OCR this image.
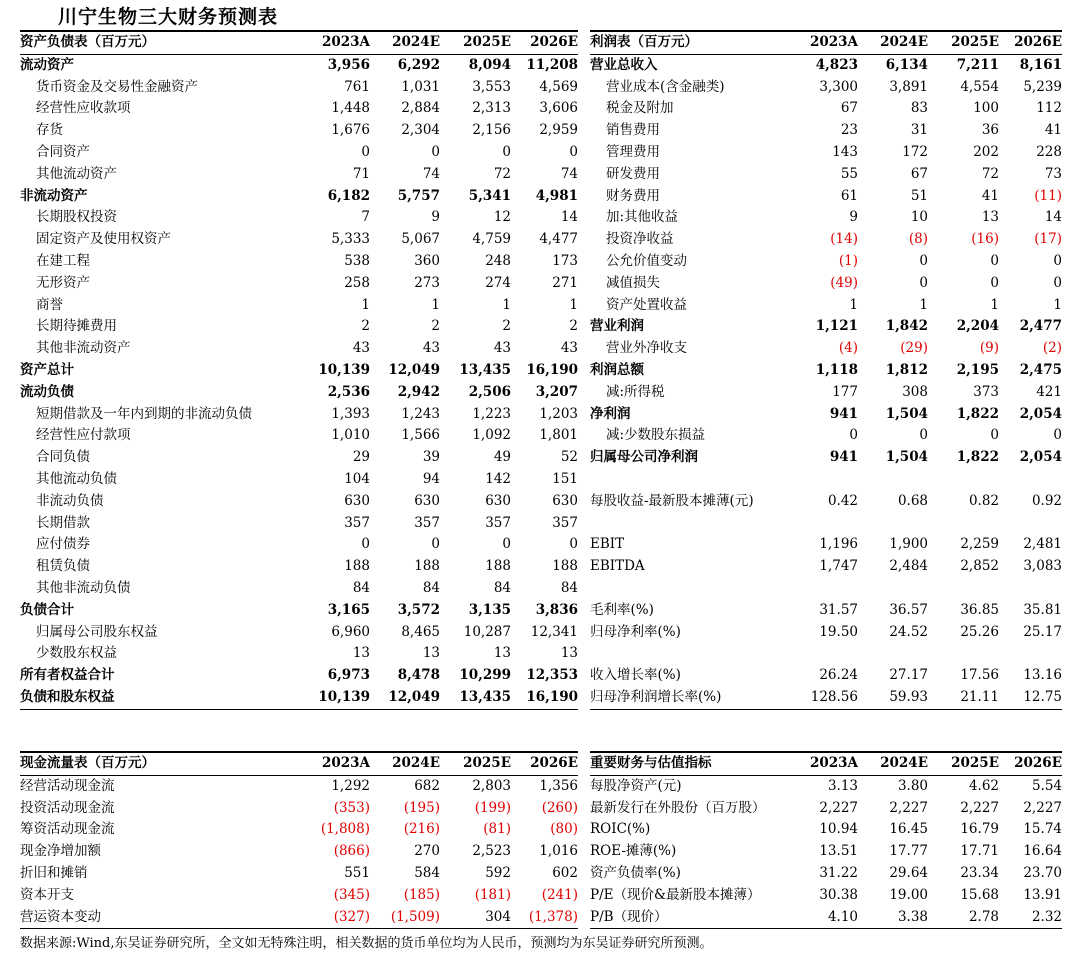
川宁生物三大财务预测表
资产负债表（百万元）	2023A	2024E	2025E	2026E
流动资产	3,956	6,292	8,094	11,208
货币资金及交易性金融资产	761	1,031	3,553	4,569
经营性应收款项	1,448	2,884	2,313	3,606
存货	1,676	2,304	2,156	2,959
合同资产	0	0	0	0
其他流动资产	71	74	72	74
非流动资产	6,182	5,757	5,341	4,981
长期股权投资	7	9	12	14
固定资产及使用权资产	5,333	5,067	4,759	4,477
在建工程	538	360	248	173
无形资产	258	273	274	271
商誉	1	1	1	1
长期待摊费用	2	2	2	2
其他非流动资产	43	43	43	43
资产总计	10,139	12,049	13,435	16,190
流动负债	2,536	2,942	2,506	3,207
短期借款及一年内到期的非流动负债	1,393	1,243	1,223	1,203
经营性应付款项	1,010	1,566	1,092	1,801
合同负债	29	39	49	52
其他流动负债	104	94	142	151
非流动负债	630	630	630	630
长期借款	357	357	357	357
应付债券	0	0	0	0
租赁负债	188	188	188	188
其他非流动负债	84	84	84	84
负债合计	3,165	3,572	3,135	3,836
归属母公司股东权益	6,960	8,465	10,287	12,341
少数股东权益	13	13	13	13
所有者权益合计	6,973	8,478	10,299	12,353
负债和股东权益	10,139	12,049	13,435	16,190
利润表（百万元）	2023A	2024E	2025E	2026E
营业总收入	4,823	6,134	7,211	8,161
营业成本(含金融类)	3,300	3,891	4,554	5,239
税金及附加	67	83	100	112
销售费用	23	31	36	41
管理费用	143	172	202	228
研发费用	55	67	72	73
财务费用	61	51	41	(11)
加:其他收益	9	10	13	14
投资净收益	(14)	(8)	(16)	(17)
公允价值变动	(1)	0	0	0
减值损失	(49)	0	0	0
资产处置收益	1	1	1	1
营业利润	1,121	1,842	2,204	2,477
营业外净收支	(4)	(29)	(9)	(2)
利润总额	1,118	1,812	2,195	2,475
减:所得税	177	308	373	421
净利润	941	1,504	1,822	2,054
减:少数股东损益	0	0	0	0
归属母公司净利润	941	1,504	1,822	2,054

每股收益-最新股本摊薄(元)	0.42	0.68	0.82	0.92

EBIT	1,196	1,900	2,259	2,481
EBITDA	1,747	2,484	2,852	3,083

毛利率(%)	31.57	36.57	36.85	35.81
归母净利率(%)	19.50	24.52	25.26	25.17

收入增长率(%)	26.24	27.17	17.56	13.16
归母净利润增长率(%)	128.56	59.93	21.11	12.75
现金流量表（百万元）	2023A	2024E	2025E	2026E
经营活动现金流	1,292	682	2,803	1,356
投资活动现金流	(353)	(195)	(199)	(260)
筹资活动现金流	(1,808)	(216)	(81)	(80)
现金净增加额	(866)	270	2,523	1,016
折旧和摊销	551	584	592	602
资本开支	(345)	(185)	(181)	(241)
营运资本变动	(327)	(1,509)	304	(1,378)
重要财务与估值指标	2023A	2024E	2025E	2026E
每股净资产(元)	3.13	3.80	4.62	5.54
最新发行在外股份（百万股）	2,227	2,227	2,227	2,227
ROIC(%)	10.94	16.45	16.79	15.74
ROE-摊薄(%)	13.51	17.77	17.71	16.64
资产负债率(%)	31.22	29.64	23.34	23.70
P/E（现价&最新股本摊薄）	30.38	19.00	15.68	13.91
P/B（现价）	4.10	3.38	2.78	2.32
数据来源:Wind,东吴证券研究所，全文如无特殊注明，相关数据的货币单位均为人民币，预测均为东吴证券研究所预测。
